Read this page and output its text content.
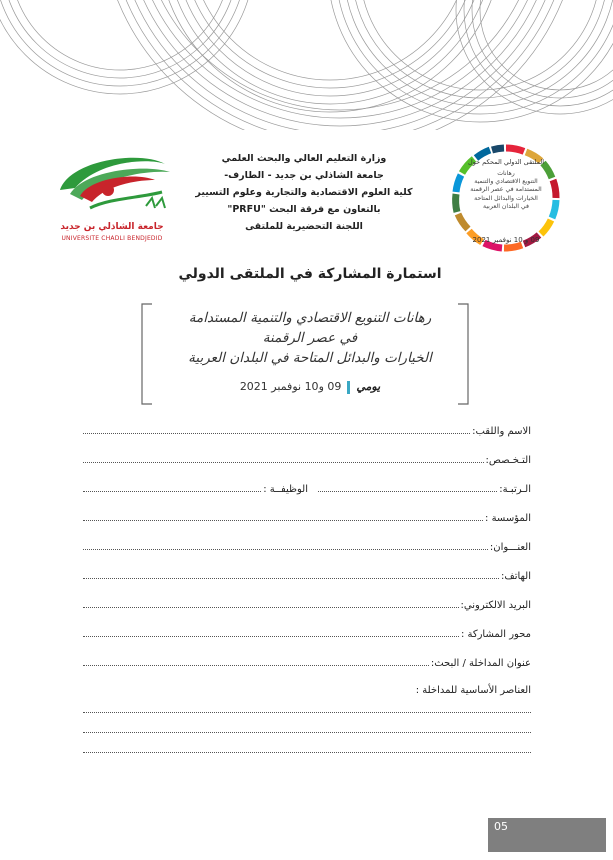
جامعة الشاذلي بن جديد
UNIVERSITE CHADLI BENDJEDID
وزارة التعليم العالي والبحث العلمي
جامعة الشاذلي بن جديد - الطارف-
كلية العلوم الاقتصادية والتجارية وعلوم التسيير
بالتعاون مع فرقة البحث "PRFU"
اللجنة التحضيرية للملتقى
الملتقى الدولي المحكم حول
رهانات
التنويع الاقتصادي والتنمية
المستدامة في عصر الرقمنة
الخيارات والبدائل المتاحة
في البلدان العربية
09 و 10 نوفمبر 2021
استمارة المشاركة في الملتقى الدولي
رهانات التنويع الاقتصادي والتنمية المستدامة
في عصر الرقمنة
الخيارات والبدائل المتاحة في البلدان العربية
يومي09 و10 نوفمبر 2021
الاسم واللقب:
التـخـصص:
الـرتبـة:
الوظيفــة :
المؤسسة :
العنـــوان:
الهاتف:
البريد الالكتروني:
محور المشاركة :
عنوان المداخلة / البحث:
العناصر الأساسية للمداخلة :
05
